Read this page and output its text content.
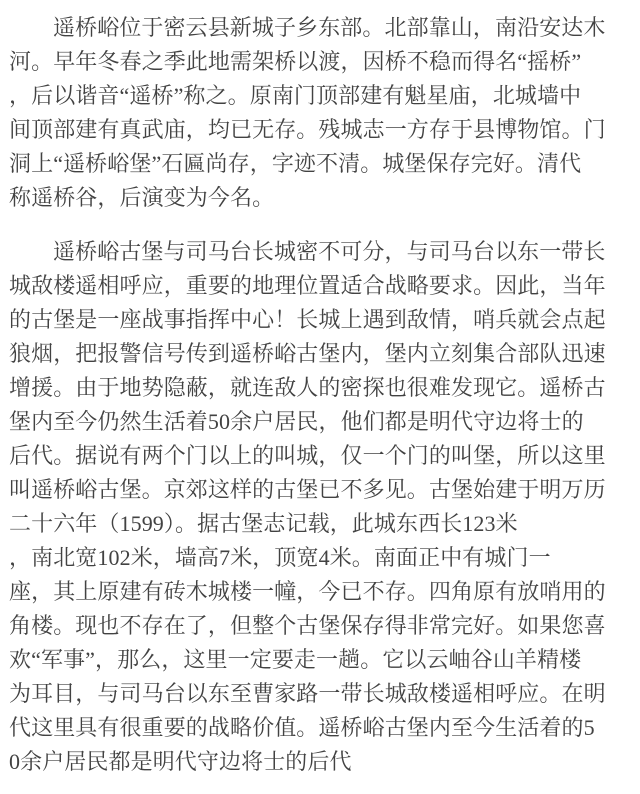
遥桥峪位于密云县新城子乡东部。北部靠山，南沿安达木
河。早年冬春之季此地需架桥以渡，因桥不稳而得名“摇桥”
，后以谐音“遥桥”称之。原南门顶部建有魁星庙，北城墙中
间顶部建有真武庙，均已无存。残城志一方存于县博物馆。门
洞上“遥桥峪堡”石匾尚存，字迹不清。城堡保存完好。清代
称遥桥谷，后演变为今名。
遥桥峪古堡与司马台长城密不可分，与司马台以东一带长
城敌楼遥相呼应，重要的地理位置适合战略要求。因此，当年
的古堡是一座战事指挥中心！长城上遇到敌情，哨兵就会点起
狼烟，把报警信号传到遥桥峪古堡内，堡内立刻集合部队迅速
增援。由于地势隐蔽，就连敌人的密探也很难发现它。遥桥古
堡内至今仍然生活着50余户居民，他们都是明代守边将士的
后代。据说有两个门以上的叫城，仅一个门的叫堡，所以这里
叫遥桥峪古堡。京郊这样的古堡已不多见。古堡始建于明万历
二十六年（1599）。据古堡志记载，此城东西长123米
，南北宽102米，墙高7米，顶宽4米。南面正中有城门一
座，其上原建有砖木城楼一幢，今已不存。四角原有放哨用的
角楼。现也不存在了，但整个古堡保存得非常完好。如果您喜
欢“军事”，那么，这里一定要走一趟。它以云岫谷山羊精楼
为耳目，与司马台以东至曹家路一带长城敌楼遥相呼应。在明
代这里具有很重要的战略价值。遥桥峪古堡内至今生活着的5
0余户居民都是明代守边将士的后代
